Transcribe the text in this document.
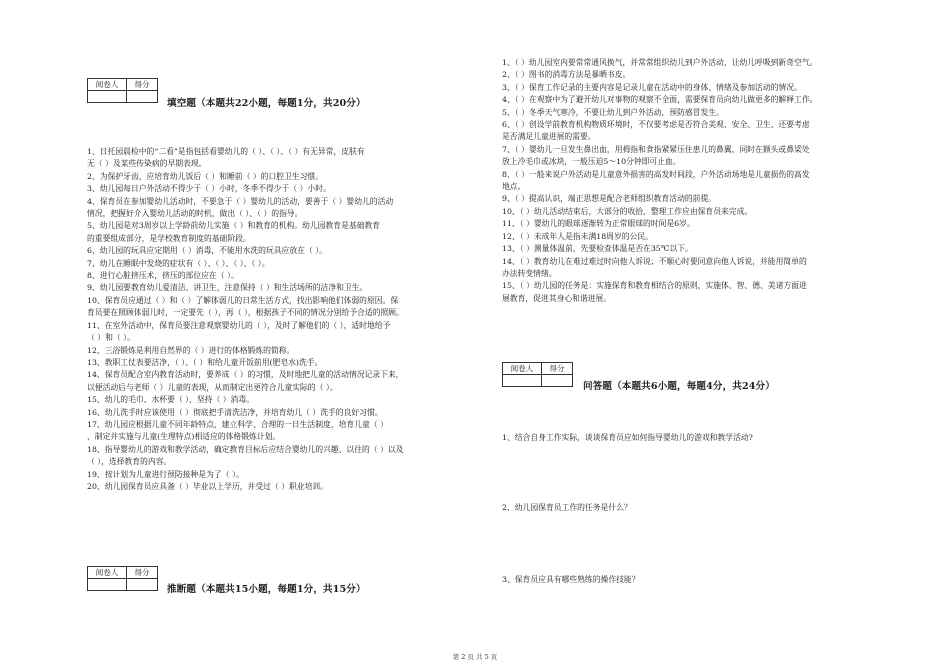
阅卷人	得分

填空题（本题共22小题，每题1分，共20分）
1、日托园晨检中的“二看”是指包括看婴幼儿的（ ）、（ ）、（ ）有无异常，皮肤有
无（ ）及某些传染病的早期表现。
2、为保护牙齿，应培育幼儿饭后（ ）和睡前（ ）的口腔卫生习惯。
3、幼儿园每日户外活动不得少于（ ）小时，冬季不得少于（ ）小时。
4、保育员在参加婴幼儿活动时，不要急于（ ）婴幼儿的活动，要善于（ ）婴幼儿的活动
情况，把握好介入婴幼儿活动的时机，做出（ ）、（ ）的指导。
5、幼儿园是对3周岁以上学龄前幼儿实施（ ）和教育的机构。幼儿园教育是基础教育
的重要组成部分，是学校教育制度的基础阶段。
6、幼儿园的玩具应定期用（ ）消毒，不能用水洗的玩具应放在（ ）。
7、幼儿在睡眠中发烧的症状有（ ）、（ ）、（ ）、（ ）。
8、进行心脏挤压术，挤压的部位应在（ ）。
9、幼儿园要教育幼儿爱清洁、讲卫生，注意保持（ ）和生活场所的洁净和卫生。
10、保育员应通过（ ）和（ ）了解体弱儿的日常生活方式，找出影响他们体弱的原因。保
育员要在照顾体弱儿时，一定要先（ ），再（ ），根据孩子不同的情况分别给予合适的照顾。
11、在室外活动中，保育员要注意观察婴幼儿的（ ），及时了解他们的（ ），适时地给予
（ ）和（ ）。
12、三浴锻炼是利用自然界的（ ）进行的体格锻炼的简称。
13、教职工仗表要洁净，（ ）、（ ）和给儿童开饭前用(肥皂水)洗手。
14、保育员配合室内教育活动时，要养成（ ）的习惯，及时地把儿童的活动情况记录下来，
以便活动后与老师（ ）儿童的表现，从而制定出更符合儿童实际的（ ）。
15、幼儿的毛巾、水杯要（ ），坚持（ ）消毒。
16、幼儿洗手时应该使用（ ）彻底把手清洗洁净，并培育幼儿（ ）洗手的良好习惯。
17、幼儿园应根据儿童不同年龄特点，建立科学、合理的一日生活制度，培育儿童（ ）
，制定并实施与儿童(生理特点)相适应的体格锻炼计划。
18、指导婴幼儿的游戏和教学活动，确定教育目标后应结合婴幼儿的兴趣、以往的（ ）以及
（ ），选择教育的内容。
19、按计划为儿童进行预防接种是为了（ ）。
20、幼儿园保育员应具备（ ）毕业以上学历，并受过（ ）职业培训。
阅卷人	得分

推断题（本题共15小题，每题1分，共15分）
1、（ ）幼儿园室内要常常通风换气，并常常组织幼儿到户外活动，让幼儿呼吸到新奇空气。
2、（ ）图书的消毒方法是暴晒书皮。
3、（ ）保育工作记录的主要内容是记录儿童在活动中的身体、情绪及参加活动的情况。
4、（ ）在观察中为了避开幼儿对事物的观察不全面，需要保育员向幼儿做更多的解释工作。
5、（ ）冬季天气寒冷，不要让幼儿到户外活动，预防感冒发生。
6、（ ）创设学前教育机构物质环境时，不仅要考虑是否符合美观、安全、卫生、还要考虑
是否满足儿童进展的需要。
7、（ ）婴幼儿一旦发生鼻出血，用拇指和食指紧紧压住患儿的鼻翼，同时在额头或鼻梁处
放上冷毛巾或冰块，一般压迫5～10分钟即可止血。
8、（ ）一般来说户外活动是儿童意外损害的高发时间段，户外活动场地是儿童损伤的高发
地点。
9、（ ）提高认识，端正思想是配合老师组织教育活动的前提。
10、（ ）幼儿活动结束后，大部分的收拾，整理工作应由保育员来完成。
11、（ ）婴幼儿的眼球逐渐转为正常眼球的时间是6岁。
12、（ ）未成年人是指未满18周岁的公民。
13、（ ）测量体温前，先要检查体温是否在35℃以下。
14、（ ）教育幼儿在难过难过时向他人诉说；不顺心时要同意向他人诉说，并能用简单的
办法转变情绪。
15、（ ）幼儿园的任务是：实施保育和教育相结合的原则，实施体、智、德、美诸方面进
展教育，促进其身心和谐进展。
阅卷人	得分

问答题（本题共6小题，每题4分，共24分）
1、结合自身工作实际，谈谈保育员应如何指导婴幼儿的游戏和教学活动?
2、幼儿园保育员工作的任务是什么？
3、保育员应具有哪些熟练的操作技能？
第 2 页 共 5 页
